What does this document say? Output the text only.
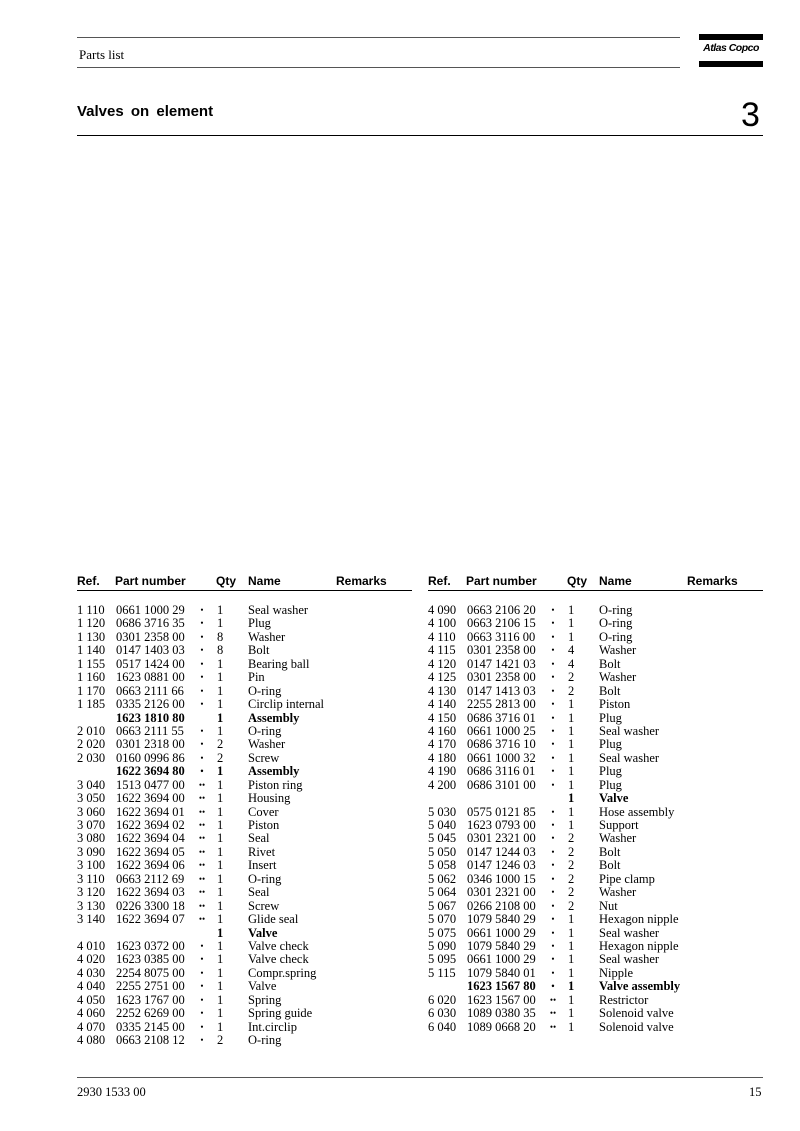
Parts list	Atlas Copco
Valves on element	3
Ref. Part number	Qty Name	Remarks
1 110 0661 1000 29	•	1 Seal washer
1 120 0686 3716 35	•	1 Plug
1 130 0301 2358 00	•	8 Washer
1 140 0147 1403 03	•	8 Bolt
1 155 0517 1424 00	•	1 Bearing ball
1 160 1623 0881 00	•	1 Pin
1 170 0663 2111 66	•	1 O-ring
1 185 0335 2126 00	•	1 Circlip internal
1623 1810 80	1 Assembly
2 010 0663 2111 55	•	1 O-ring
2 020 0301 2318 00	•	2 Washer
2 030 0160 0996 86	•	2 Screw
1622 3694 80	•	1 Assembly
3 040 1513 0477 00	•• 1 Piston ring
3 050 1622 3694 00	•• 1 Housing
3 060 1622 3694 01	•• 1 Cover
3 070 1622 3694 02	•• 1 Piston
3 080 1622 3694 04	•• 1 Seal
3 090 1622 3694 05	•• 1 Rivet
3 100 1622 3694 06	•• 1 Insert
3 110 0663 2112 69	•• 1 O-ring
3 120 1622 3694 03	•• 1 Seal
3 130 0226 3300 18	•• 1 Screw
3 140 1622 3694 07	•• 1 Glide seal
1 Valve
4 010 1623 0372 00	•	1 Valve check
4 020 1623 0385 00	•	1 Valve check
4 030 2254 8075 00	•	1 Compr.spring
4 040 2255 2751 00	•	1 Valve
4 050 1623 1767 00	•	1 Spring
4 060 2252 6269 00	•	1 Spring guide
4 070 0335 2145 00	•	1 Int.circlip
4 080 0663 2108 12	•	2 O-ring
Ref. Part number	Qty Name	Remarks
4 090 0663 2106 20	•	1 O-ring
4 100 0663 2106 15	•	1 O-ring
4 110 0663 3116 00	•	1 O-ring
4 115 0301 2358 00	•	4 Washer
4 120 0147 1421 03	•	4 Bolt
4 125 0301 2358 00	•	2 Washer
4 130 0147 1413 03	•	2 Bolt
4 140 2255 2813 00	•	1 Piston
4 150 0686 3716 01	•	1 Plug
4 160 0661 1000 25	•	1 Seal washer
4 170 0686 3716 10	•	1 Plug
4 180 0661 1000 32	•	1 Seal washer
4 190 0686 3116 01	•	1 Plug
4 200 0686 3101 00	•	1 Plug
1 Valve
5 030 0575 0121 85	•	1 Hose assembly
5 040 1623 0793 00	•	1 Support
5 045 0301 2321 00	•	2 Washer
5 050 0147 1244 03	•	2 Bolt
5 058 0147 1246 03	•	2 Bolt
5 062 0346 1000 15	•	2 Pipe clamp
5 064 0301 2321 00	•	2 Washer
5 067 0266 2108 00	•	2 Nut
5 070 1079 5840 29	•	1 Hexagon nipple
5 075 0661 1000 29	•	1 Seal washer
5 090 1079 5840 29	•	1 Hexagon nipple
5 095 0661 1000 29	•	1 Seal washer
5 115 1079 5840 01	•	1 Nipple
1623 1567 80	•	1 Valve assembly
6 020 1623 1567 00	•• 1 Restrictor
6 030 1089 0380 35	•• 1 Solenoid valve
6 040 1089 0668 20	•• 1 Solenoid valve
2930 1533 00	15
